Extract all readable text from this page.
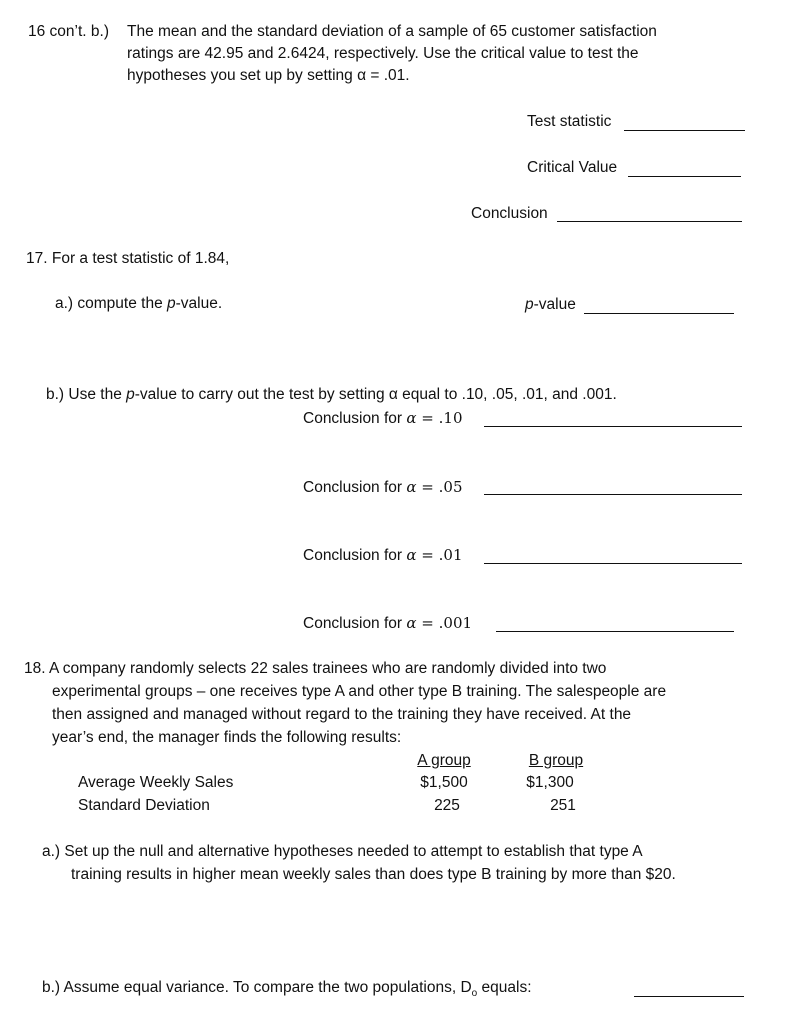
16 con’t. b.) The mean and the standard deviation of a sample of 65 customer satisfaction
ratings are 42.95 and 2.6424, respectively. Use the critical value to test the
hypotheses you set up by setting α = .01.
Test statistic
Critical Value
Conclusion
17. For a test statistic of 1.84,
a.) compute the p-value.	p-value
b.) Use the p-value to carry out the test by setting α equal to .10, .05, .01, and .001.
Conclusion for α = .10
Conclusion for α = .05
Conclusion for α = .01
Conclusion for α = .001
18. A company randomly selects 22 sales trainees who are randomly divided into two
experimental groups – one receives type A and other type B training. The salespeople are
then assigned and managed without regard to the training they have received. At the
year’s end, the manager finds the following results:
A group	B group
Average Weekly Sales	$1,500	$1,300
Standard Deviation	225	251
a.) Set up the null and alternative hypotheses needed to attempt to establish that type A
training results in higher mean weekly sales than does type B training by more than $20.
b.) Assume equal variance. To compare the two populations, $D_o$ equals:
